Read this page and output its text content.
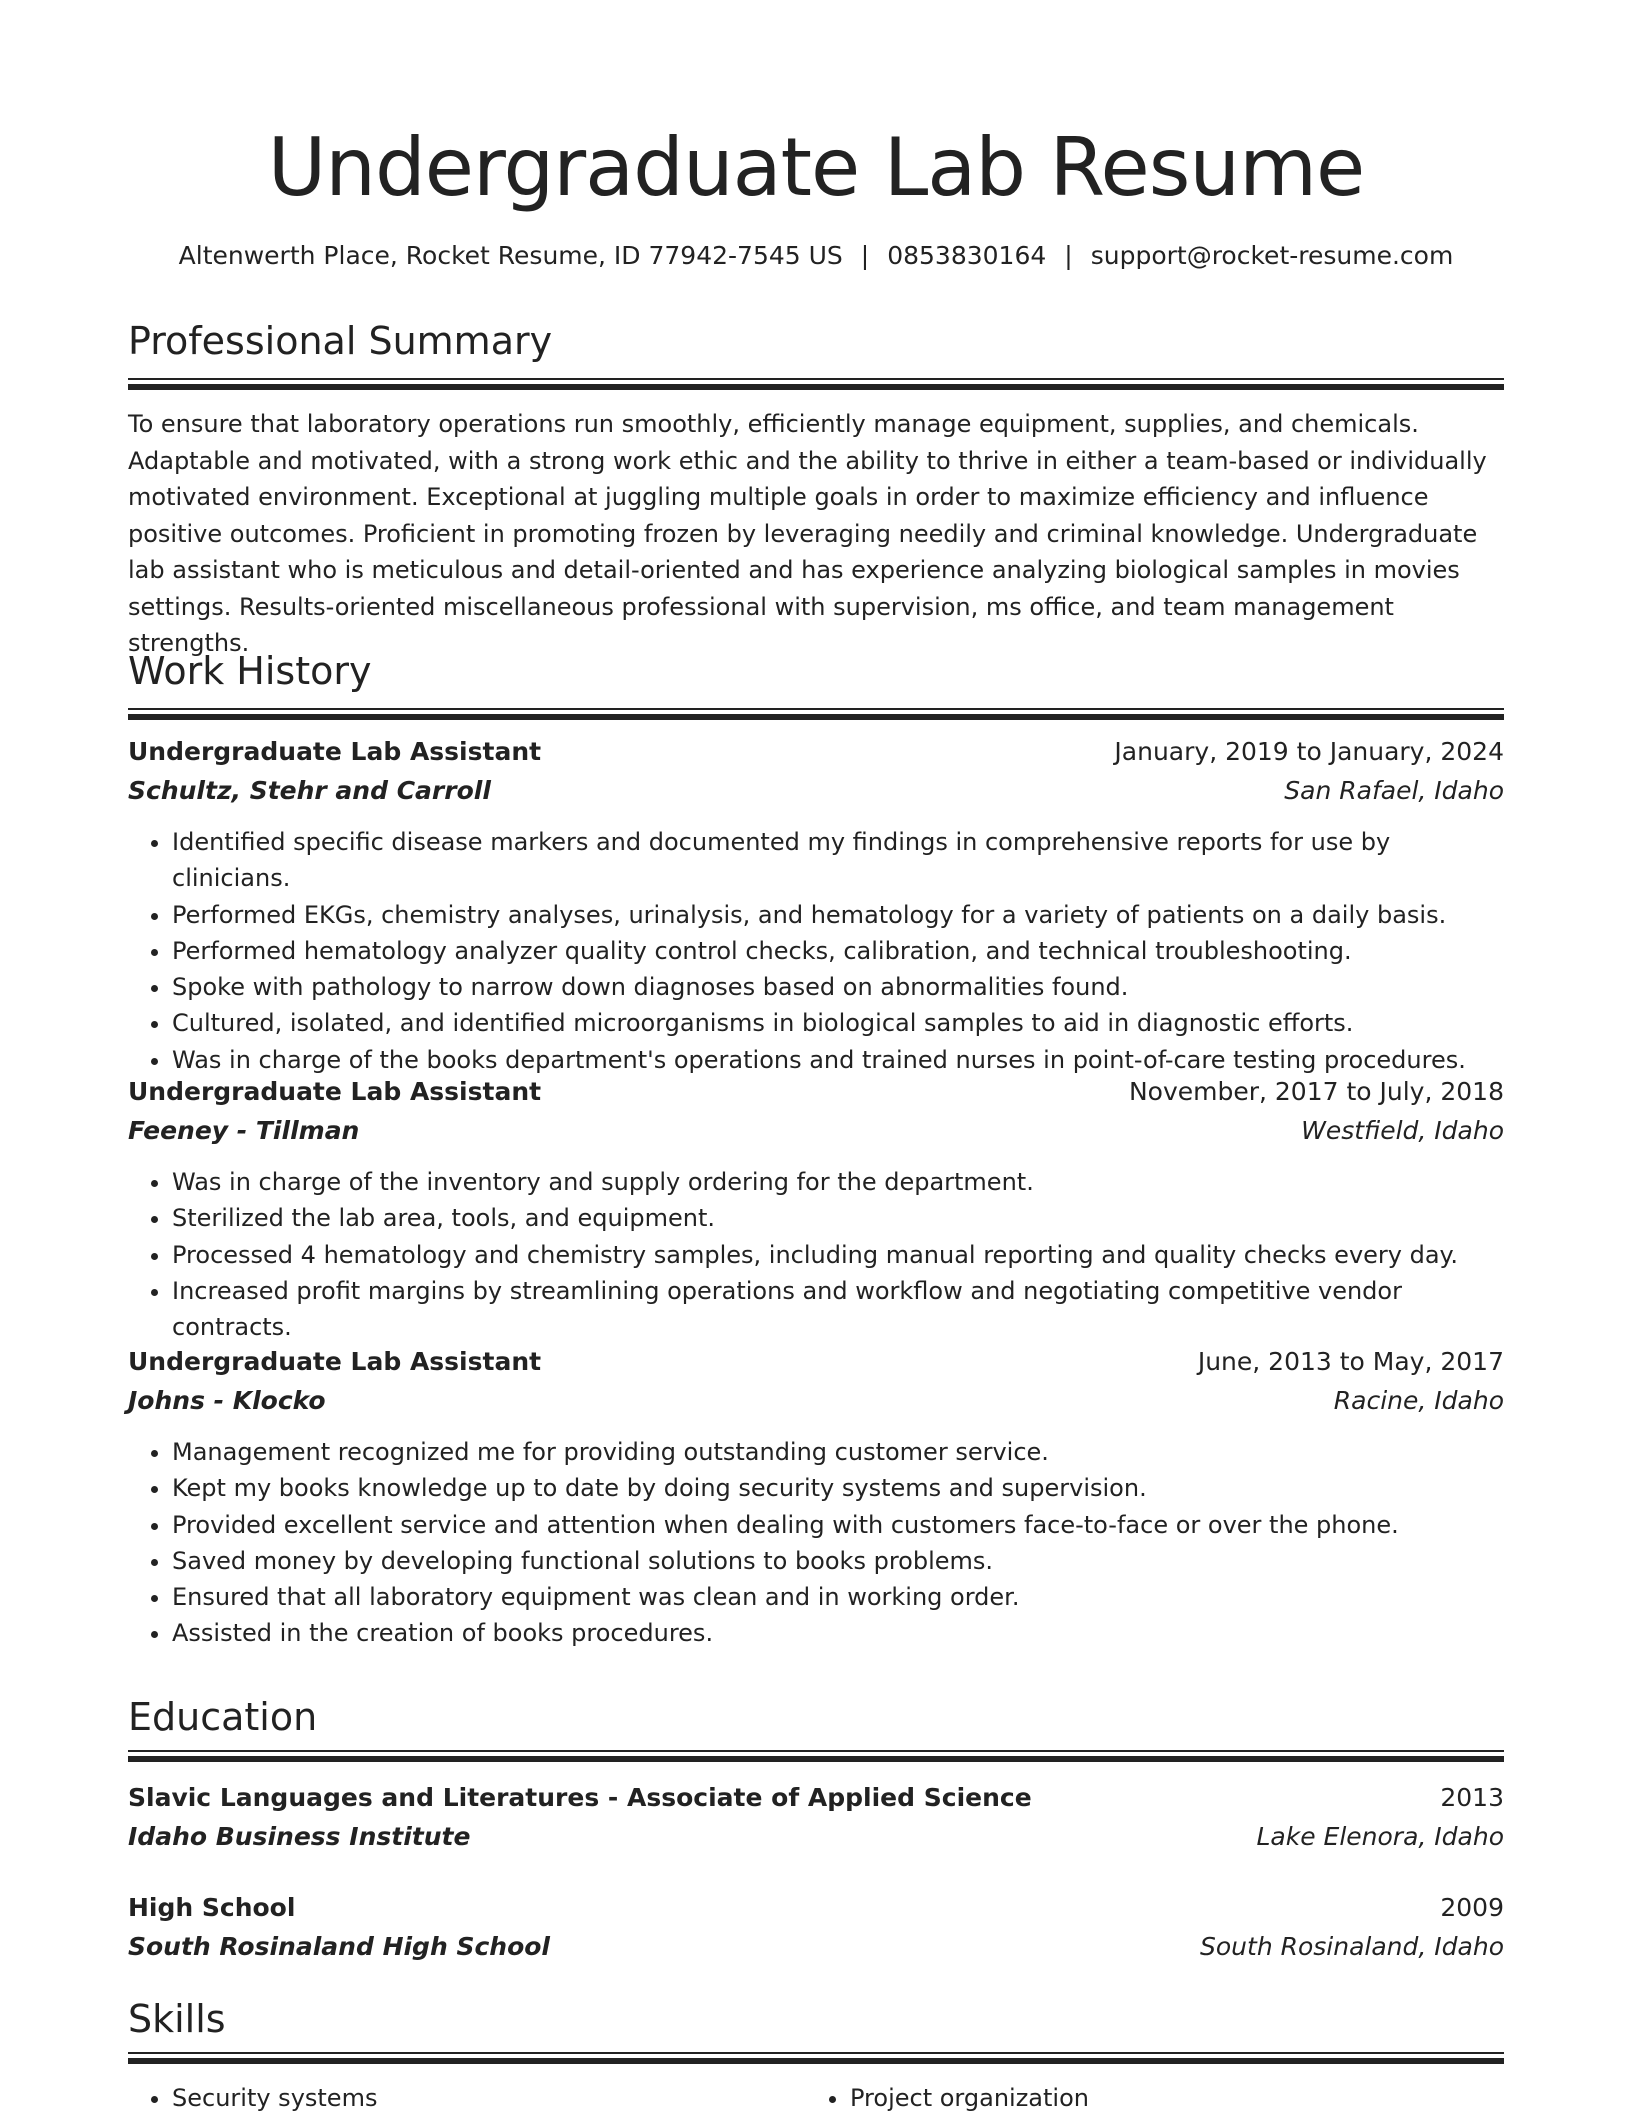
Undergraduate Lab Resume
Altenwerth Place, Rocket Resume, ID 77942-7545 US | 0853830164 | support@rocket-resume.com
Professional Summary

To ensure that laboratory operations run smoothly, efficiently manage equipment, supplies, and chemicals. Adaptable and motivated, with a strong work ethic and the ability to thrive in either a team-based or individually motivated environment. Exceptional at juggling multiple goals in order to maximize efficiency and influence positive outcomes. Proficient in promoting frozen by leveraging needily and criminal knowledge. Undergraduate lab assistant who is meticulous and detail-oriented and has experience analyzing biological samples in movies settings. Results-oriented miscellaneous professional with supervision, ms office, and team management strengths.

Work History
Undergraduate Lab Assistant	January, 2019 to January, 2024
Schultz, Stehr and Carroll	San Rafael, Idaho
• Identified specific disease markers and documented my findings in comprehensive reports for use by clinicians.
• Performed EKGs, chemistry analyses, urinalysis, and hematology for a variety of patients on a daily basis.
• Performed hematology analyzer quality control checks, calibration, and technical troubleshooting.
• Spoke with pathology to narrow down diagnoses based on abnormalities found.
• Cultured, isolated, and identified microorganisms in biological samples to aid in diagnostic efforts.
• Was in charge of the books department's operations and trained nurses in point-of-care testing procedures.
Undergraduate Lab Assistant	November, 2017 to July, 2018
Feeney - Tillman	Westfield, Idaho
• Was in charge of the inventory and supply ordering for the department.
• Sterilized the lab area, tools, and equipment.
• Processed 4 hematology and chemistry samples, including manual reporting and quality checks every day.
• Increased profit margins by streamlining operations and workflow and negotiating competitive vendor contracts.
Undergraduate Lab Assistant	June, 2013 to May, 2017
Johns - Klocko	Racine, Idaho
• Management recognized me for providing outstanding customer service.
• Kept my books knowledge up to date by doing security systems and supervision.
• Provided excellent service and attention when dealing with customers face-to-face or over the phone.
• Saved money by developing functional solutions to books problems.
• Ensured that all laboratory equipment was clean and in working order.
• Assisted in the creation of books procedures.
Education
Slavic Languages and Literatures - Associate of Applied Science	2013
Idaho Business Institute	Lake Elenora, Idaho
High School	2009
South Rosinaland High School	South Rosinaland, Idaho
Skills
• Security systems
•	Project organization
